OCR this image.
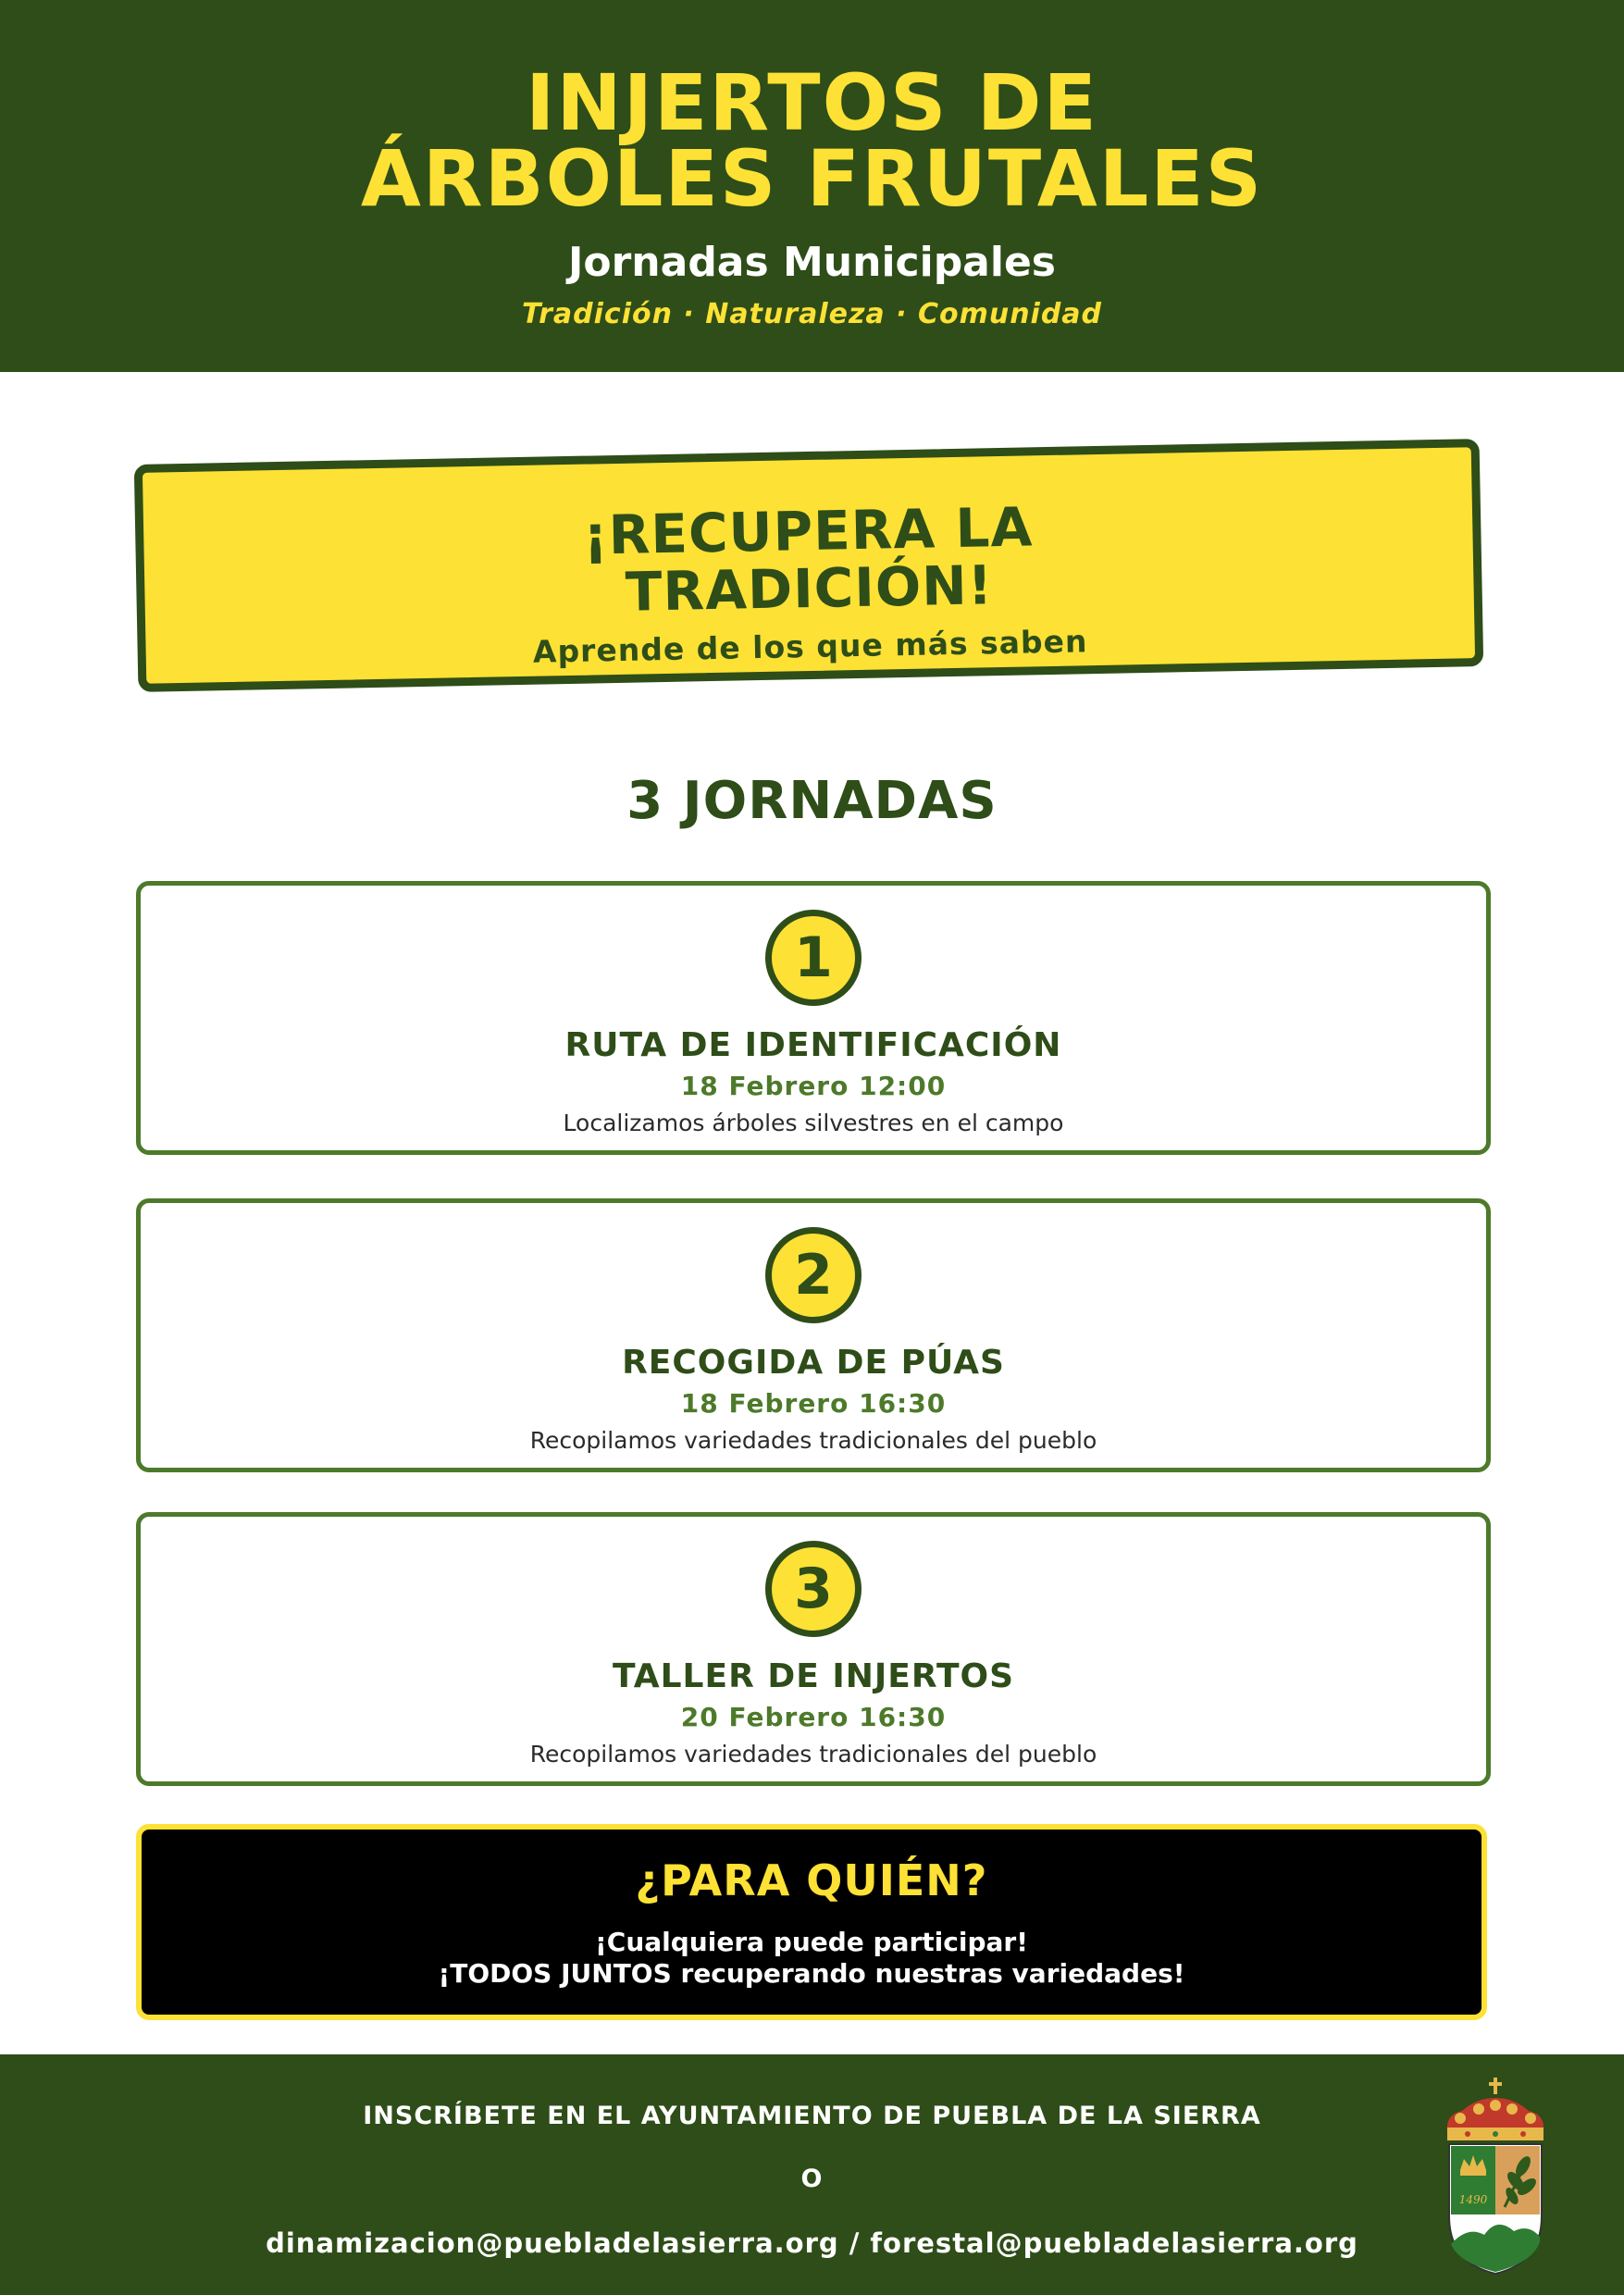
INJERTOS DE
ÁRBOLES FRUTALES
Jornadas Municipales
Tradición · Naturaleza · Comunidad
¡RECUPERA LA
TRADICIÓN!
Aprende de los que más saben
3 JORNADAS
1
RUTA DE IDENTIFICACIÓN
18 Febrero 12:00
Localizamos árboles silvestres en el campo
2
RECOGIDA DE PÚAS
18 Febrero 16:30
Recopilamos variedades tradicionales del pueblo
3
TALLER DE INJERTOS
20 Febrero 16:30
Recopilamos variedades tradicionales del pueblo
¿PARA QUIÉN?
¡Cualquiera puede participar!
¡TODOS JUNTOS recuperando nuestras variedades!
INSCRÍBETE EN EL AYUNTAMIENTO DE PUEBLA DE LA SIERRA
O
dinamizacion@puebladelasierra.org / forestal@puebladelasierra.org
1490
